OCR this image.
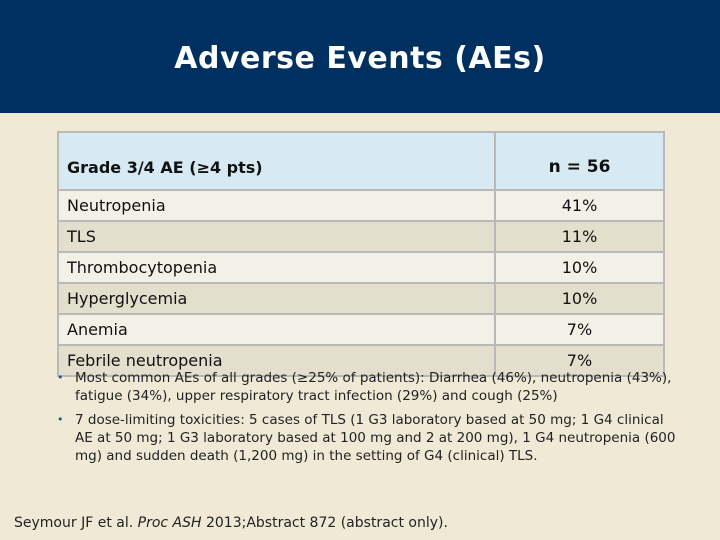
Adverse Events (AEs)
Grade 3/4 AE (≥4 pts)	n = 56
Neutropenia	41%
TLS	11%
Thrombocytopenia	10%
Hyperglycemia	10%
Anemia	7%
Febrile neutropenia	7%
• Most common AEs of all grades (≥25% of patients): Diarrhea (46%), neutropenia (43%), fatigue (34%), upper respiratory tract infection (29%) and cough (25%)
• 7 dose-limiting toxicities: 5 cases of TLS (1 G3 laboratory based at 50 mg; 1 G4 clinical AE at 50 mg; 1 G3 laboratory based at 100 mg and 2 at 200 mg), 1 G4 neutropenia (600 mg) and sudden death (1,200 mg) in the setting of G4 (clinical) TLS.
Seymour JF et al. Proc ASH 2013;Abstract 872 (abstract only).
